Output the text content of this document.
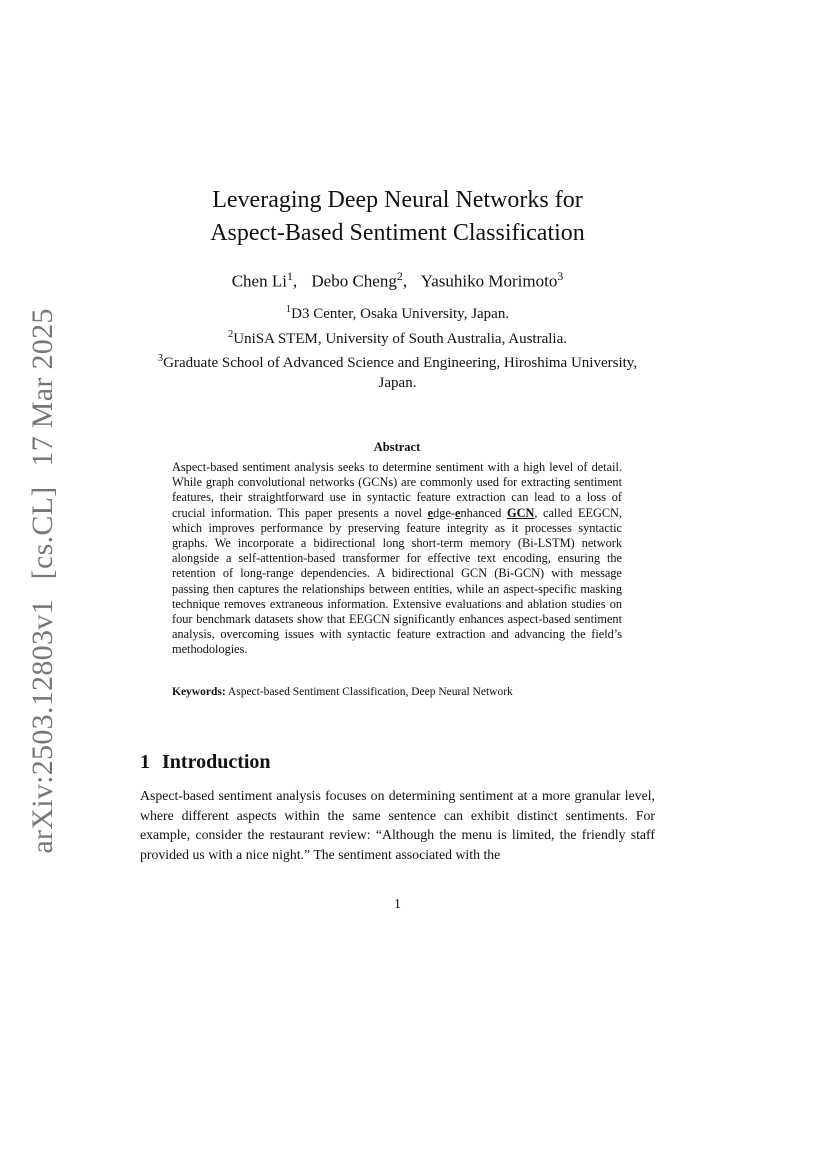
arXiv:2503.12803v1 [cs.CL] 17 Mar 2025
Leveraging Deep Neural Networks for
Aspect-Based Sentiment Classification
Chen Li$^1$, Debo Cheng$^2$, Yasuhiko Morimoto$^3$
$^1$D3 Center, Osaka University, Japan.
$^2$UniSA STEM, University of South Australia, Australia.
$^3$Graduate School of Advanced Science and Engineering, Hiroshima University, Japan.
Abstract

Aspect-based sentiment analysis seeks to determine sentiment with a high level of detail. While graph convolutional networks (GCNs) are commonly used for extracting sentiment features, their straightforward use in syntactic feature extraction can lead to a loss of crucial information. This paper presents a novel edge-enhanced GCN, called EEGCN, which improves performance by preserving feature integrity as it processes syntactic graphs. We incorporate a bidirectional long short-term memory (Bi-LSTM) network alongside a self-attention-based transformer for effective text encoding, ensuring the retention of long-range dependencies. A bidirectional GCN (Bi-GCN) with message passing then captures the relationships between entities, while an aspect-specific masking technique removes extraneous information. Extensive evaluations and ablation studies on four benchmark datasets show that EEGCN significantly enhances aspect-based sentiment analysis, overcoming issues with syntactic feature extraction and advancing the field’s methodologies.

Keywords: Aspect-based Sentiment Classification, Deep Neural Network

1 Introduction

Aspect-based sentiment analysis focuses on determining sentiment at a more granular level, where different aspects within the same sentence can exhibit distinct sentiments. For example, consider the restaurant review: “Although the menu is limited, the friendly staff provided us with a nice night.” The sentiment associated with the

1
